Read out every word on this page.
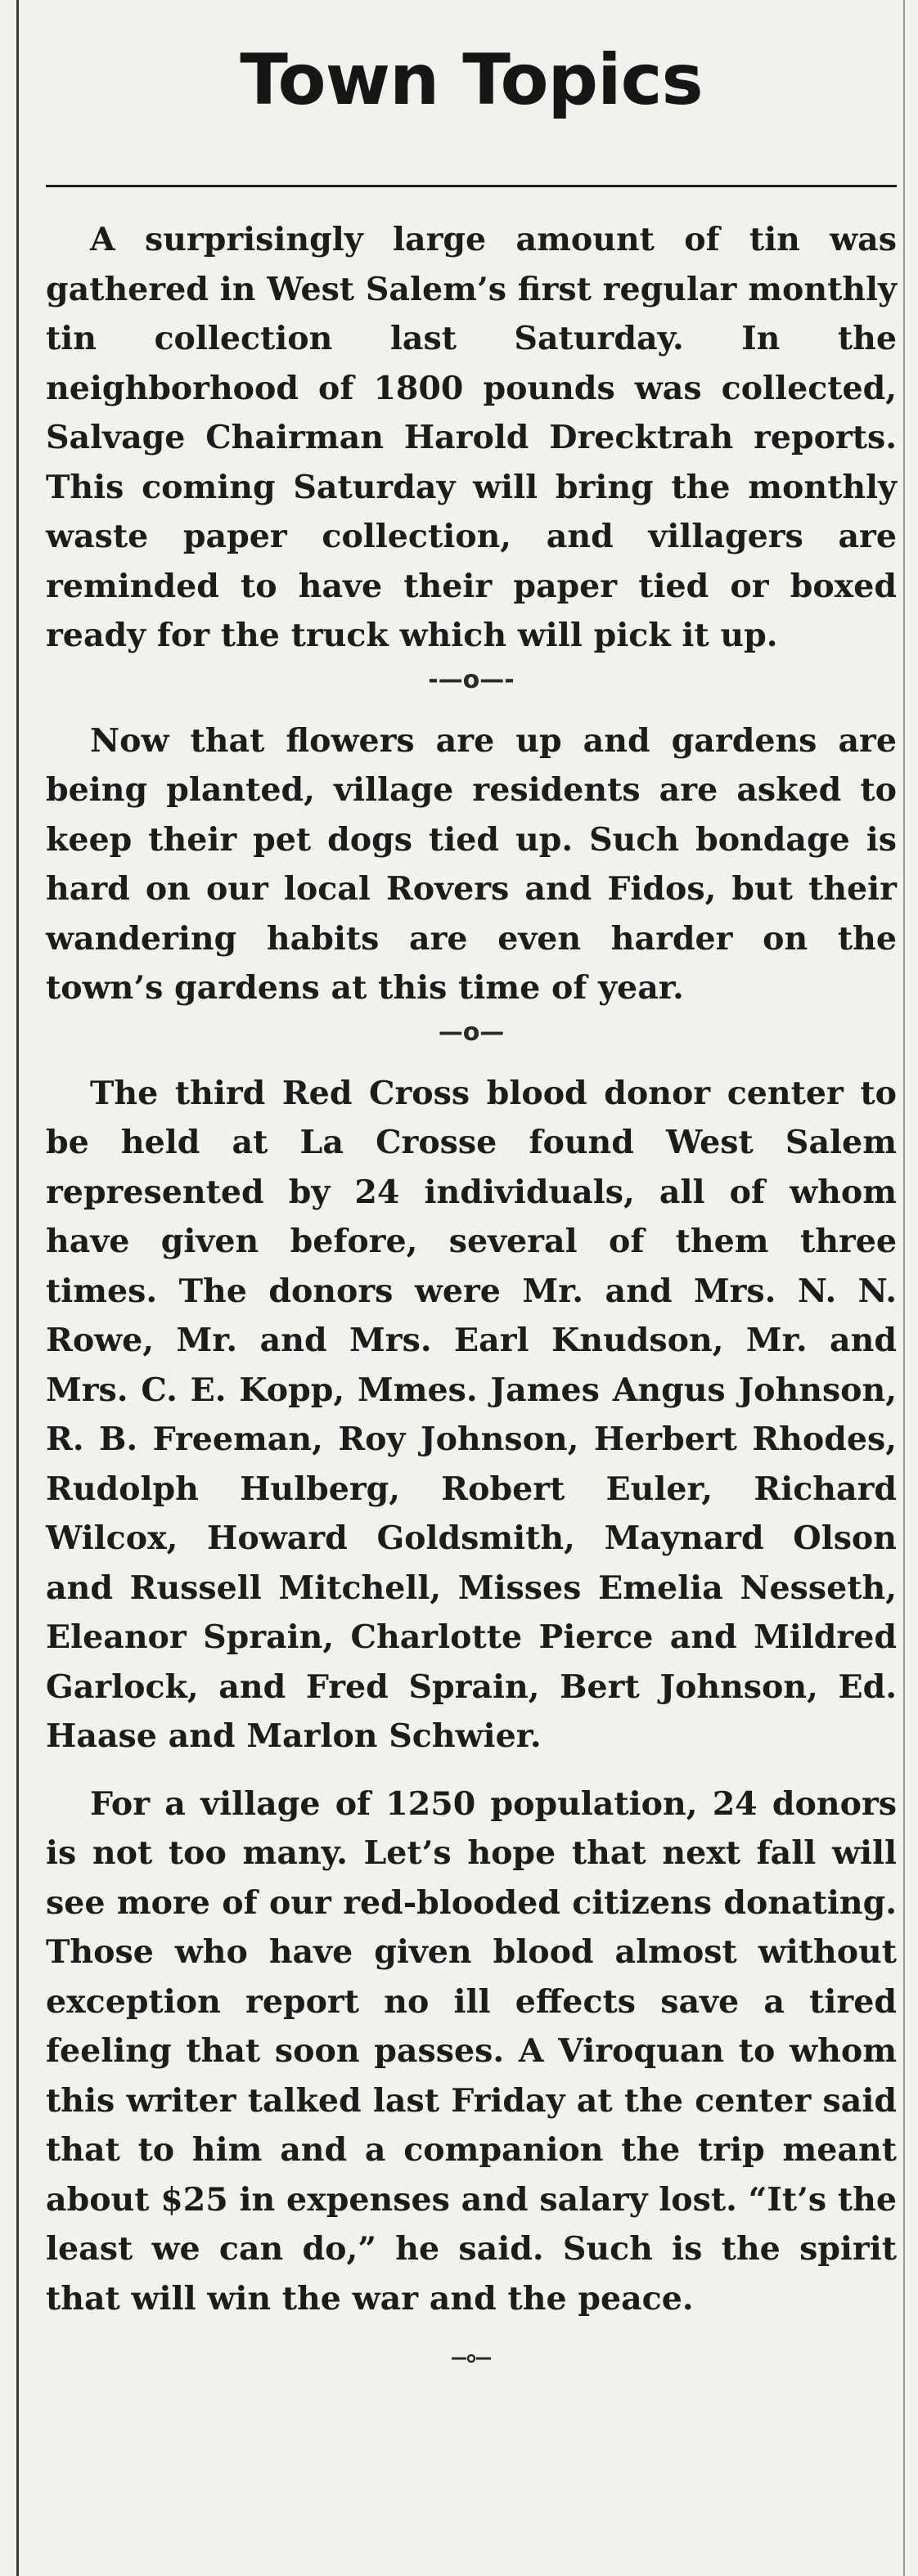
Town Topics

A surprisingly large amount of tin was gathered in West Salem’s first regular monthly tin collection last Saturday. In the neighborhood of 1800 pounds was collected, Salvage Chairman Harold Drecktrah reports. This coming Saturday will bring the monthly waste paper collection, and villagers are reminded to have their paper tied or boxed ready for the truck which will pick it up.

-—o—-

Now that flowers are up and gardens are being planted, village residents are asked to keep their pet dogs tied up. Such bondage is hard on our local Rovers and Fidos, but their wandering habits are even harder on the town’s gardens at this time of year.

—o—

The third Red Cross blood donor center to be held at La Crosse found West Salem represented by 24 individuals, all of whom have given before, several of them three times. The donors were Mr. and Mrs. N. N. Rowe, Mr. and Mrs. Earl Knudson, Mr. and Mrs. C. E. Kopp, Mmes. James Angus Johnson, R. B. Freeman, Roy Johnson, Herbert Rhodes, Rudolph Hulberg, Robert Euler, Richard Wilcox, Howard Goldsmith, Maynard Olson and Russell Mitchell, Misses Emelia Nesseth, Eleanor Sprain, Charlotte Pierce and Mildred Garlock, and Fred Sprain, Bert Johnson, Ed. Haase and Marlon Schwier.

For a village of 1250 population, 24 donors is not too many. Let’s hope that next fall will see more of our red-blooded citizens donating. Those who have given blood almost without exception report no ill effects save a tired feeling that soon passes. A Viroquan to whom this writer talked last Friday at the center said that to him and a companion the trip meant about $25 in expenses and salary lost. “It’s the least we can do,” he said. Such is the spirit that will win the war and the peace.
